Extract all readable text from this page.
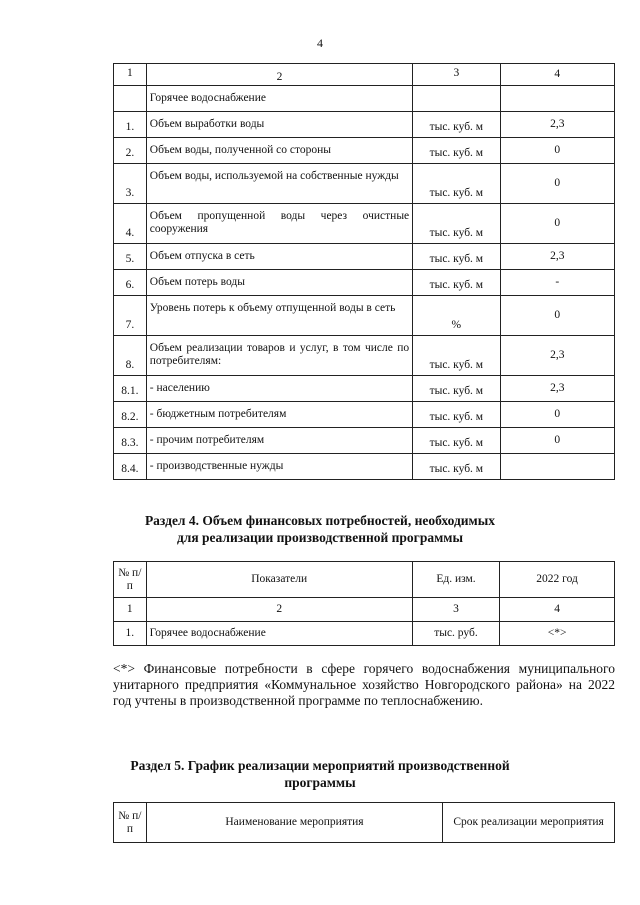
4
1	2	3	4
	Горячее водоснабжение		
1.	Объем выработки воды	тыс. куб. м	2,3
2.	Объем воды, полученной со стороны	тыс. куб. м	0
3.	Объем воды, используемой на собственные нужды	тыс. куб. м	0
4.	Объем пропущенной воды через очистные сооружения	тыс. куб. м	0
5.	Объем отпуска в сеть	тыс. куб. м	2,3
6.	Объем потерь воды	тыс. куб. м	-
7.	Уровень потерь к объему отпущенной воды в сеть	%	0
8.	Объем реализации товаров и услуг, в том числе по потребителям:	тыс. куб. м	2,3
8.1.	- населению	тыс. куб. м	2,3
8.2.	- бюджетным потребителям	тыс. куб. м	0
8.3.	- прочим потребителям	тыс. куб. м	0
8.4.	- производственные нужды	тыс. куб. м	
Раздел 4. Объем финансовых потребностей, необходимых
для реализации производственной программы
№ п/п	Показатели	Ед. изм.	2022 год
1	2	3	4
1.	Горячее водоснабжение	тыс. руб.	<*>
<*> Финансовые потребности в сфере горячего водоснабжения муниципального унитарного предприятия «Коммунальное хозяйство Новгородского района» на 2022 год учтены в производственной программе по теплоснабжению.
Раздел 5. График реализации мероприятий производственной
программы
№ п/п	Наименование мероприятия	Срок реализации мероприятия
